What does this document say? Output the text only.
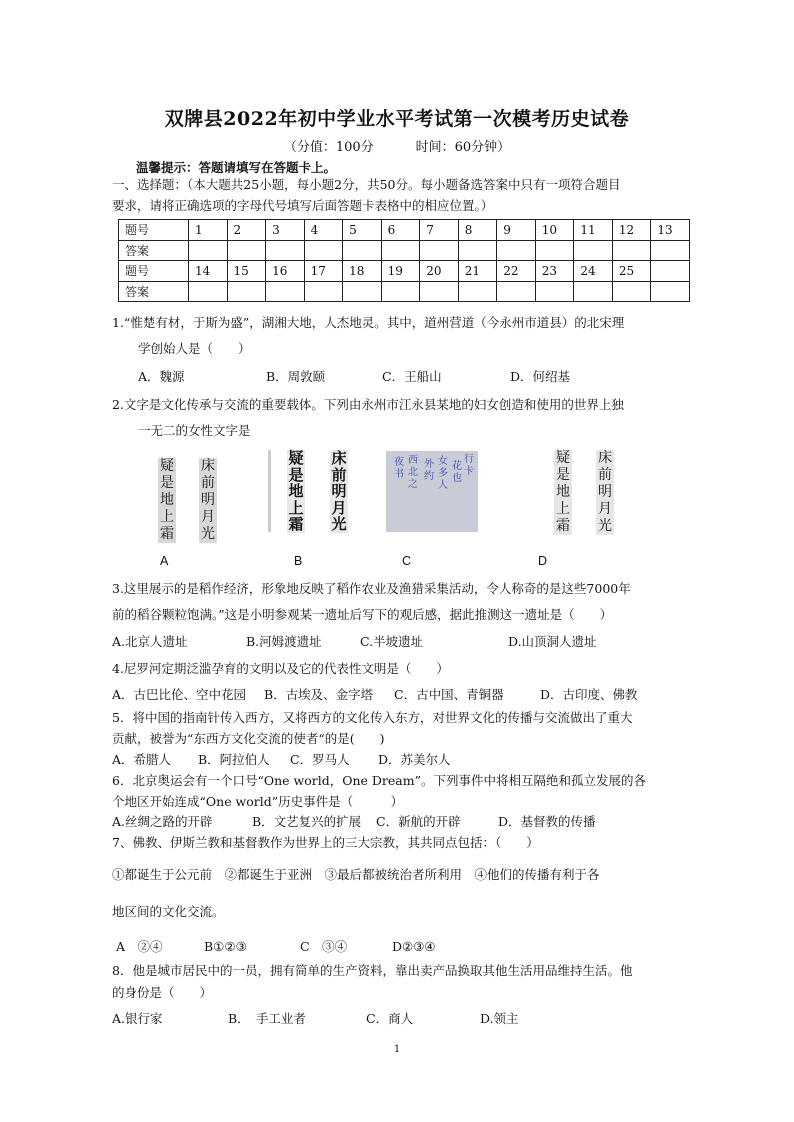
双牌县2022年初中学业水平考试第一次模考历史试卷
（分值：100分	时间：60分钟）
温馨提示：答题请填写在答题卡上。
一、选择题：（本大题共25小题，每小题2分，共50分。每小题备选答案中只有一项符合题目
要求，请将正确选项的字母代号填写后面答题卡表格中的相应位置。）
题号	1	2	3	4	5	6	7	8	9	10	11	12	13
答案													
题号	14	15	16	17	18	19	20	21	22	23	24	25	
答案													
1.“惟楚有材，于斯为盛”，湖湘大地，人杰地灵。其中，道州营道（今永州市道县）的北宋理
学创始人是（　　）
A．魏源	B．周敦颐	C．王船山	D．何绍基
2.文字是文化传承与交流的重要载体。下列由永州市江永县某地的妇女创造和使用的世界上独
一无二的女性文字是
疑是地上霜
床前明月光
疑是地上霜
床前明月光
夜书
西北之
外约
女多人
花也
行卡
疑是地上霜
床前明月光
A	B	C	D
3.这里展示的是稻作经济，形象地反映了稻作农业及渔猎采集活动，令人称奇的是这些7000年
前的稻谷颗粒饱满。”这是小明参观某一遗址后写下的观后感，据此推测这一遗址是（　　）
A.北京人遗址	B.河姆渡遗址	C.半坡遗址	D.山顶洞人遗址
4.尼罗河定期泛滥孕育的文明以及它的代表性文明是（　　）
A．古巴比伦、空中花园 B．古埃及、金字塔 C．古中国、青铜器	D．古印度、佛教
5．将中国的指南针传入西方，又将西方的文化传入东方，对世界文化的传播与交流做出了重大
贡献，被誉为“东西方文化交流的使者“的是(　　)
A．希腊人 B．阿拉伯人 C．罗马人 D．苏美尔人
6．北京奥运会有一个口号“One world，One Dream”。下列事件中将相互隔绝和孤立发展的各
个地区开始连成“One world”历史事件是（　　　）
A.丝绸之路的开辟	B．文艺复兴的扩展 C．新航的开辟	D．基督教的传播
7、佛教、伊斯兰教和基督教作为世界上的三大宗教，其共同点包括：（　　）
①都诞生于公元前　②都诞生于亚洲　③最后都被统治者所利用　④他们的传播有利于各
地区间的文化交流。
A　②④	B①②③	C　③④	D②③④
8．他是城市居民中的一员，拥有简单的生产资料，靠出卖产品换取其他生活用品维持生活。他
的身份是（　　）
A.银行家	B．　手工业者	C．商人	D.领主
1
